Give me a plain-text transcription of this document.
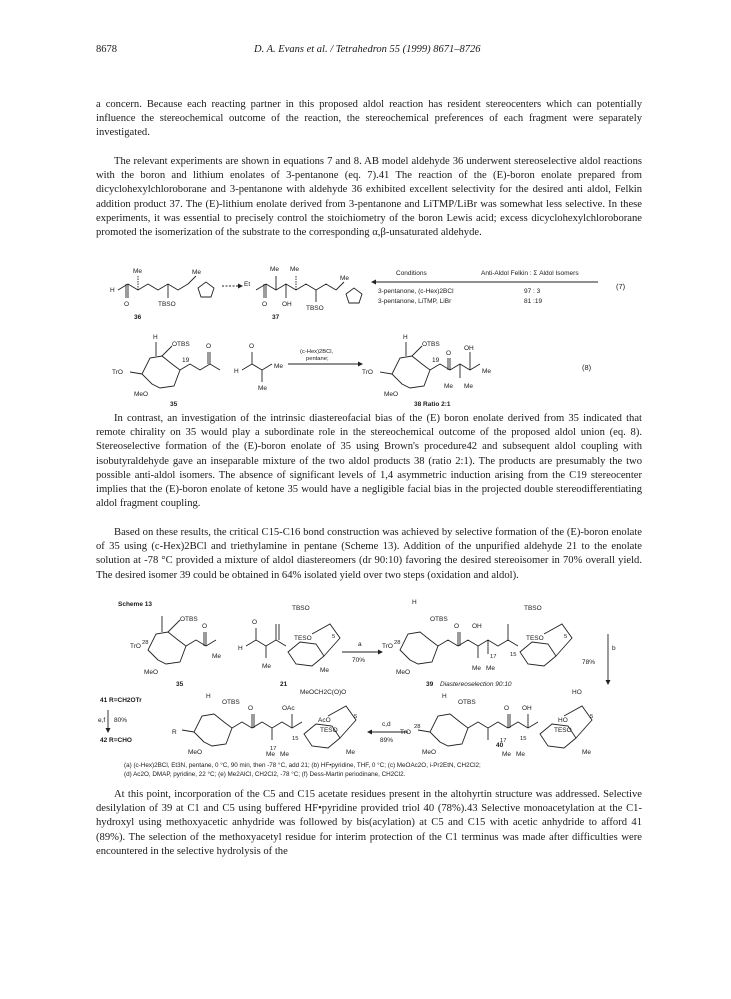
8678	D. A. Evans et al. / Tetrahedron 55 (1999) 8671–8726

a concern. Because each reacting partner in this proposed aldol reaction has resident stereocenters which can potentially influence the stereochemical outcome of the reaction, the stereochemical preferences of each fragment were separately investigated.

The relevant experiments are shown in equations 7 and 8. AB model aldehyde 36 underwent stereoselective aldol reactions with the boron and lithium enolates of 3-pentanone (eq. 7).41 The reaction of the (E)-boron enolate prepared from dicyclohexylchloroborane and 3-pentanone with aldehyde 36 exhibited excellent selectivity for the desired anti aldol, Felkin addition product 37. The (E)-lithium enolate derived from 3-pentanone and LiTMP/LiBr was somewhat less selective. In these experiments, it was essential to precisely control the stoichiometry of the boron Lewis acid; excess dicyclohexylchloroborane promoted the isomerization of the substrate to the corresponding α,β-unsaturated aldehyde.

H
O
Me
TBSO
Me
36
Et
O
Me Me
OH
TBSO
Me
37
Conditions	Anti-Aldol Felkin : Σ Aldol Isomers
3-pentanone, (c-Hex)2BCl	97 : 3
3-pentanone, LiTMP, LiBr	81 :19
(7)
H
OTBS
TrO
19
O
MeO
35
H
O
Me
Me
(c-Hex)2BCl,
pentane;
H
OTBS
TrO
19
O
OH
Me
Me Me
MeO
38 Ratio 2:1
(8)

In contrast, an investigation of the intrinsic diastereofacial bias of the (E) boron enolate derived from 35 indicated that remote chirality on 35 would play a subordinate role in the stereochemical outcome of the proposed aldol union (eq. 8). Stereoselective formation of the (E)-boron enolate of 35 using Brown's procedure42 and subsequent aldol coupling with isobutyraldehyde gave an inseparable mixture of the two aldol products 38 (ratio 2:1). The products are presumably the two possible anti-aldol isomers. The absence of significant levels of 1,4 asymmetric induction arising from the C19 stereocenter implies that the (E)-boron enolate of ketone 35 would have a negligible facial bias in the projected double stereodifferentiating aldol fragment coupling.

Based on these results, the critical C15-C16 bond construction was achieved by selective formation of the (E)-boron enolate of 35 using (c-Hex)2BCl and triethylamine in pentane (Scheme 13). Addition of the unpurified aldehyde 21 to the enolate solution at -78 °C provided a mixture of aldol diastereomers (dr 90:10) favoring the desired stereoisomer in 70% overall yield. The desired isomer 39 could be obtained in 64% isolated yield over two steps (oxidation and aldol).

Scheme 13
OTBS
TrO 28
O
MeO
Me
35
O
H
Me
TBSO
TESO	5
Me
21
a
70%
H
OTBS
TrO 28
O OH
17 15
TBSO
TESO	5
MeO
Me Me
39 Diastereoselection 90:10
b
78%
41 R=CH2OTr
e,f 80%
42 R=CHO
R
H
OTBS
O	OAc
17
15
MeOCH2C(O)O
AcO
TESO
5
MeO	Me Me	Me
c,d
89%
TrO
28
H
OTBS
O OH
17 15
HO
HO
TESO
5
MeO	Me Me	Me
40

(a) (c-Hex)2BCl, Et3N, pentane, 0 °C, 90 min, then -78 °C, add 21; (b) HF•pyridine, THF, 0 °C; (c) MeOAc2O, i-Pr2EtN, CH2Cl2;

(d) Ac2O, DMAP, pyridine, 22 °C; (e) Me2AlCl, CH2Cl2, -78 °C; (f) Dess-Martin periodinane, CH2Cl2.

At this point, incorporation of the C5 and C15 acetate residues present in the altohyrtin structure was addressed. Selective desilylation of 39 at C1 and C5 using buffered HF•pyridine provided triol 40 (78%).43 Selective monoacetylation at the C1-hydroxyl using methoxyacetic anhydride was followed by bis(acylation) at C5 and C15 with acetic anhydride to afford 41 (89%). The selection of the methoxyacetyl residue for interim protection of the C1 terminus was made after difficulties were encountered in the selective hydrolysis of the
